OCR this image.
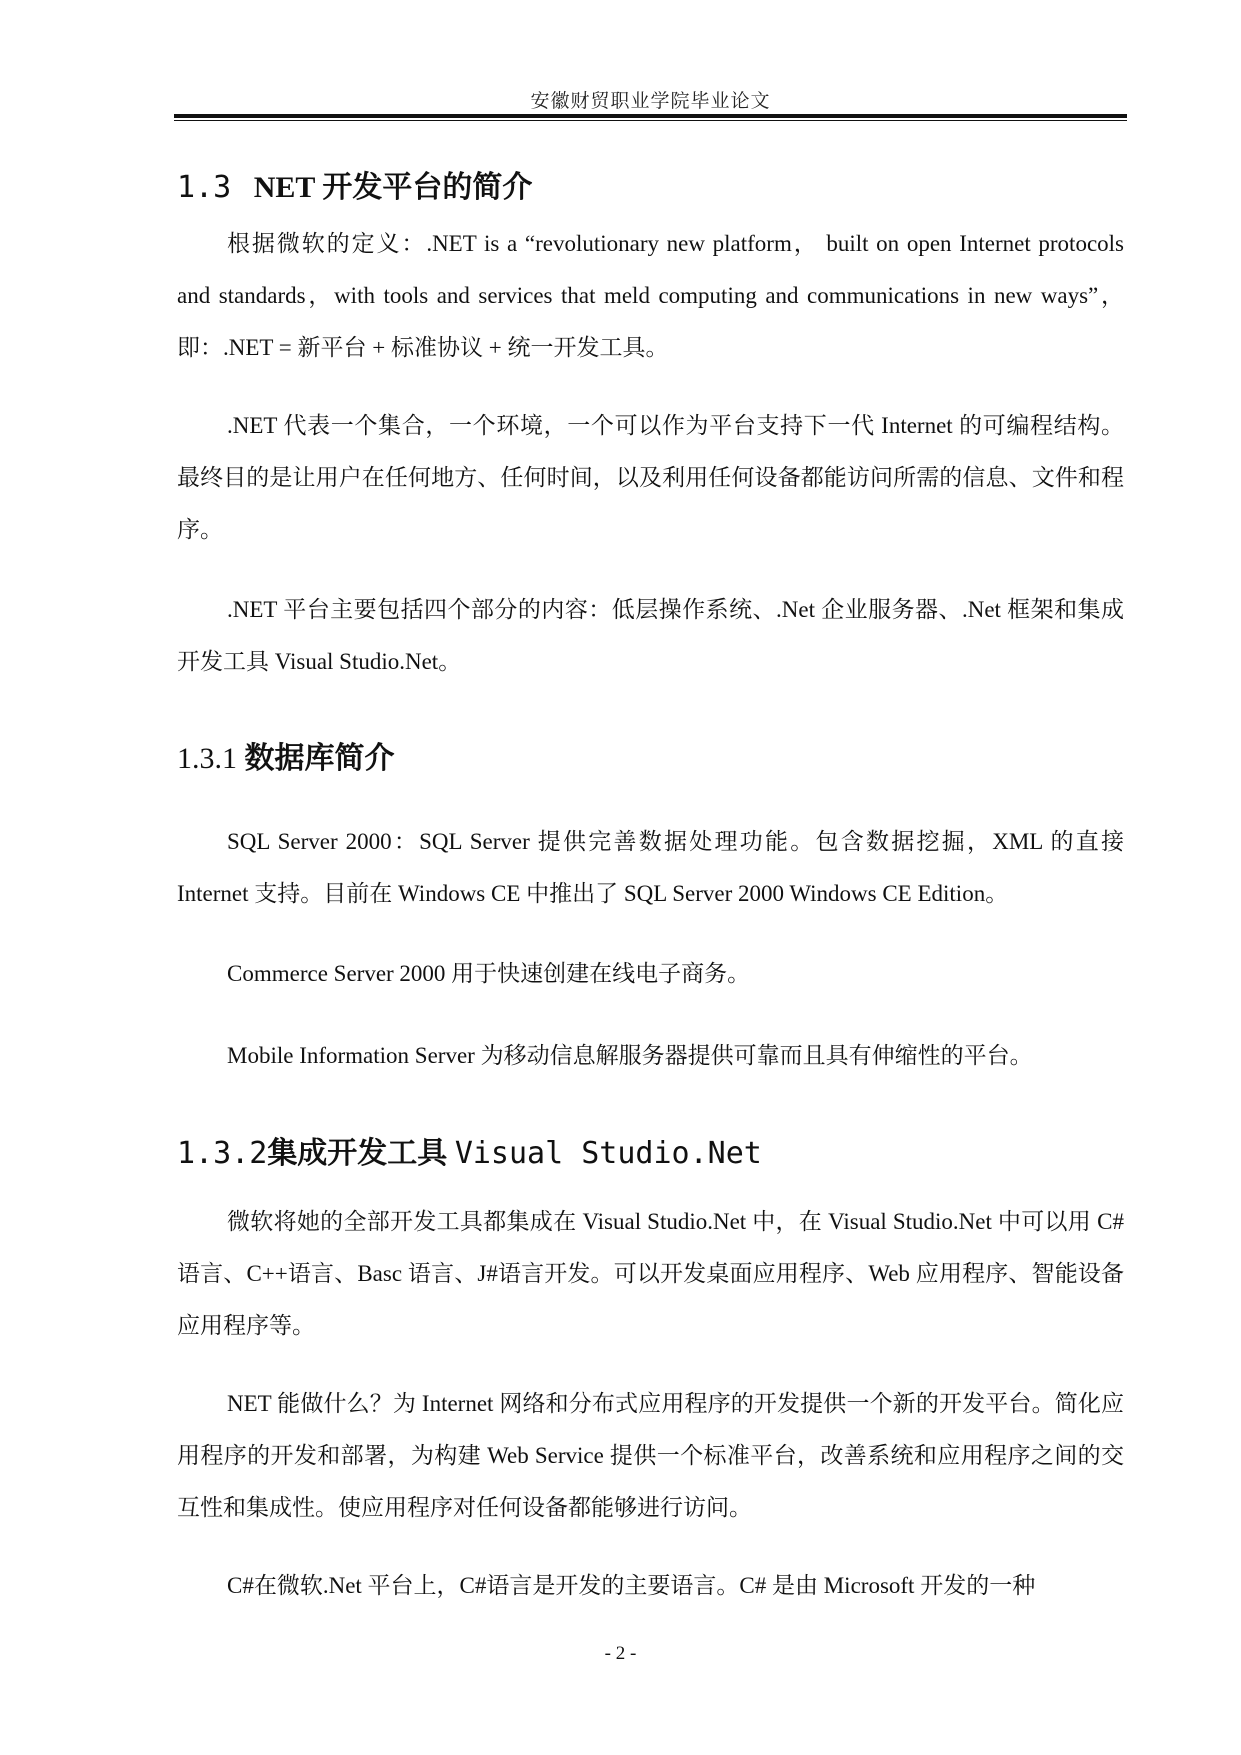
安徽财贸职业学院毕业论文
1.3 NET 开发平台的简介

根据微软的定义：.NET is a “revolutionary new platform， built on open Internet protocols and standards，with tools and services that meld computing and communications in new ways”，即：.NET = 新平台 + 标准协议 + 统一开发工具。

.NET 代表一个集合，一个环境，一个可以作为平台支持下一代 Internet 的可编程结构。 最终目的是让用户在任何地方、任何时间，以及利用任何设备都能访问所需的信息、文件和程序。

.NET 平台主要包括四个部分的内容：低层操作系统、.Net 企业服务器、.Net 框架和集成开发工具 Visual Studio.Net。

1.3.1 数据库简介

SQL Server 2000：SQL Server 提供完善数据处理功能。包含数据挖掘，XML 的直接 Internet 支持。目前在 Windows CE 中推出了 SQL Server 2000 Windows CE Edition。

Commerce Server 2000 用于快速创建在线电子商务。

Mobile Information Server 为移动信息解服务器提供可靠而且具有伸缩性的平台。

1.3.2集成开发工具 Visual Studio.Net

微软将她的全部开发工具都集成在 Visual Studio.Net 中，在 Visual Studio.Net 中可以用 C#语言、C++语言、Basc 语言、J#语言开发。可以开发桌面应用程序、Web 应用程序、智能设备应用程序等。

NET 能做什么？为 Internet 网络和分布式应用程序的开发提供一个新的开发平台。简化应用程序的开发和部署，为构建 Web Service 提供一个标准平台，改善系统和应用程序之间的交互性和集成性。使应用程序对任何设备都能够进行访问。

C#在微软.Net 平台上，C#语言是开发的主要语言。C# 是由 Microsoft 开发的一种

- 2 -
